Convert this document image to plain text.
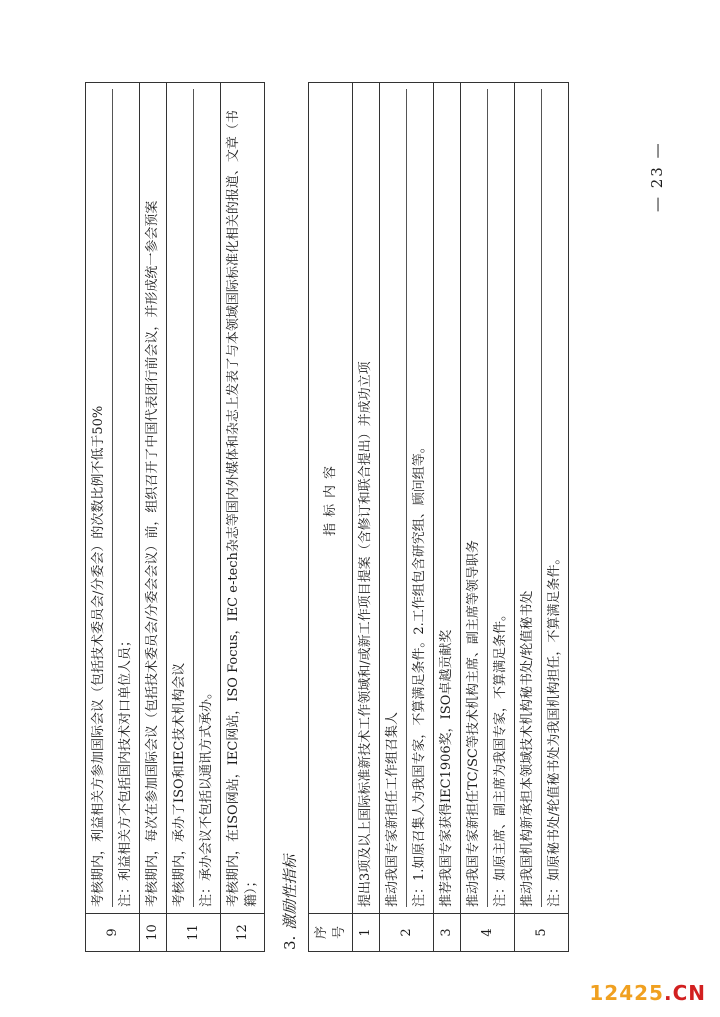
9	考核期内，利益相关方参加国际会议（包括技术委员会/分委会）的次数比例不低于50% 注：利益相关方不包括国内技术对口单位人员；

10	考核期内，每次在参加国际会议（包括技术委员会/分委会会议）前，组织召开了中国代表团行前会议，并形成统一参会预案

11	考核期内，承办了ISO和IEC技术机构会议 注：承办会议不包括以通讯方式承办。

12	考核期内，在ISO网站，IEC网站，ISO Focus，IEC e-tech杂志等国内外媒体和杂志上发表了与本领域国际标准化相关的报道、文章（书籍）；
3.激励性指标
序号	指标内容
1	提出3项及以上国际标准新技术工作领域和/或新工作项目提案（含修订和联合提出）并成功立项

2	推动我国专家新担任工作组召集人 注：1.如原召集人为我国专家，不算满足条件。2.工作组包含研究组、顾问组等。

3	推荐我国专家获得IEC1906奖，ISO卓越贡献奖

4	推动我国专家新担任TC/SC等技术机构主席、副主席等领导职务 注：如原主席、副主席为我国专家，不算满足条件。

5	推动我国机构新承担本领域技术机构秘书处/轮值秘书处 注：如原秘书处/轮值秘书处为我国机构担任，不算满足条件。
— 23 —
12425.CN
